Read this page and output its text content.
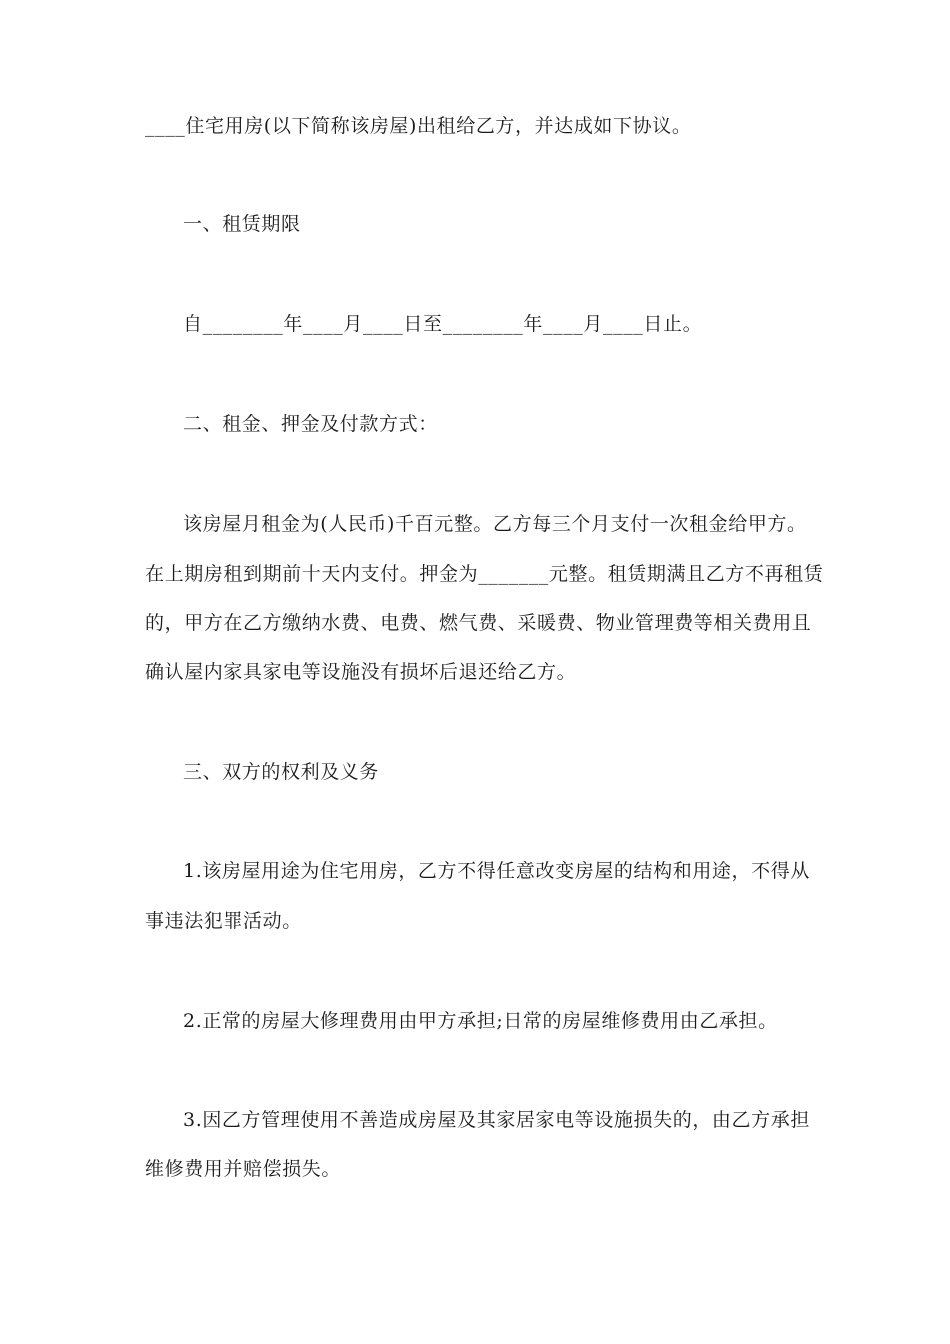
____住宅用房(以下简称该房屋)出租给乙方，并达成如下协议。
一、租赁期限
自________年____月____日至________年____月____日止。
二、租金、押金及付款方式：
该房屋月租金为(人民币)千百元整。乙方每三个月支付一次租金给甲方。
在上期房租到期前十天内支付。押金为_______元整。租赁期满且乙方不再租赁
的，甲方在乙方缴纳水费、电费、燃气费、采暖费、物业管理费等相关费用且
确认屋内家具家电等设施没有损坏后退还给乙方。
三、双方的权利及义务
1.该房屋用途为住宅用房，乙方不得任意改变房屋的结构和用途，不得从
事违法犯罪活动。
2.正常的房屋大修理费用由甲方承担;日常的房屋维修费用由乙承担。
3.因乙方管理使用不善造成房屋及其家居家电等设施损失的，由乙方承担
维修费用并赔偿损失。
